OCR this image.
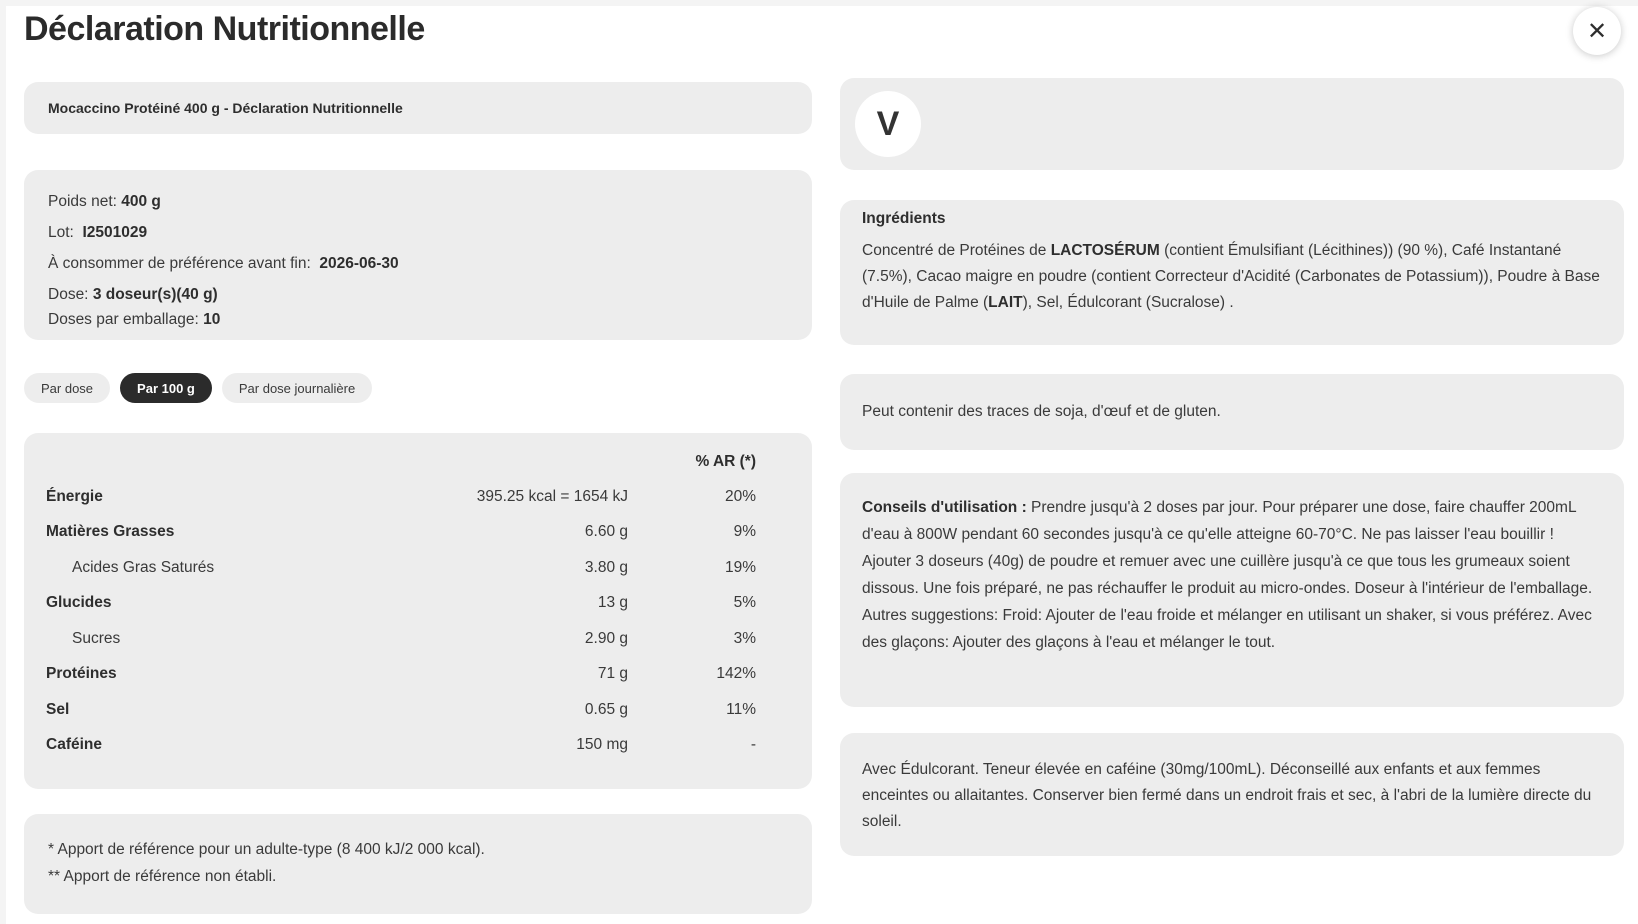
Déclaration Nutritionnelle	✕
Mocaccino Protéiné 400 g - Déclaration Nutritionnelle
Poids net: 400 g
Lot: I2501029
À consommer de préférence avant fin: 2026-06-30
Dose: 3 doseur(s)(40 g)
Doses par emballage: 10
Par dose	Par 100 g	Par dose journalière
% AR (*)
Énergie	395.25 kcal = 1654 kJ	20%
Matières Grasses	6.60 g	9%
Acides Gras Saturés	3.80 g	19%
Glucides	13 g	5%
Sucres	2.90 g	3%
Protéines	71 g	142%
Sel	0.65 g	11%
Caféine	150 mg	-
* Apport de référence pour un adulte-type (8 400 kJ/2 000 kcal).
** Apport de référence non établi.
V
Ingrédients
Concentré de Protéines de LACTOSÉRUM (contient Émulsifiant (Lécithines)) (90 %), Café Instantané (7.5%), Cacao maigre en poudre (contient Correcteur d'Acidité (Carbonates de Potassium)), Poudre à Base d'Huile de Palme (LAIT), Sel, Édulcorant (Sucralose) .
Peut contenir des traces de soja, d'œuf et de gluten.
Conseils d'utilisation : Prendre jusqu'à 2 doses par jour. Pour préparer une dose, faire chauffer 200mL d'eau à 800W pendant 60 secondes jusqu'à ce qu'elle atteigne 60-70°C. Ne pas laisser l'eau bouillir ! Ajouter 3 doseurs (40g) de poudre et remuer avec une cuillère jusqu'à ce que tous les grumeaux soient dissous. Une fois préparé, ne pas réchauffer le produit au micro-ondes. Doseur à l'intérieur de l'emballage. Autres suggestions: Froid: Ajouter de l'eau froide et mélanger en utilisant un shaker, si vous préférez. Avec des glaçons: Ajouter des glaçons à l'eau et mélanger le tout.
Avec Édulcorant. Teneur élevée en caféine (30mg/100mL). Déconseillé aux enfants et aux femmes enceintes ou allaitantes. Conserver bien fermé dans un endroit frais et sec, à l'abri de la lumière directe du soleil.
